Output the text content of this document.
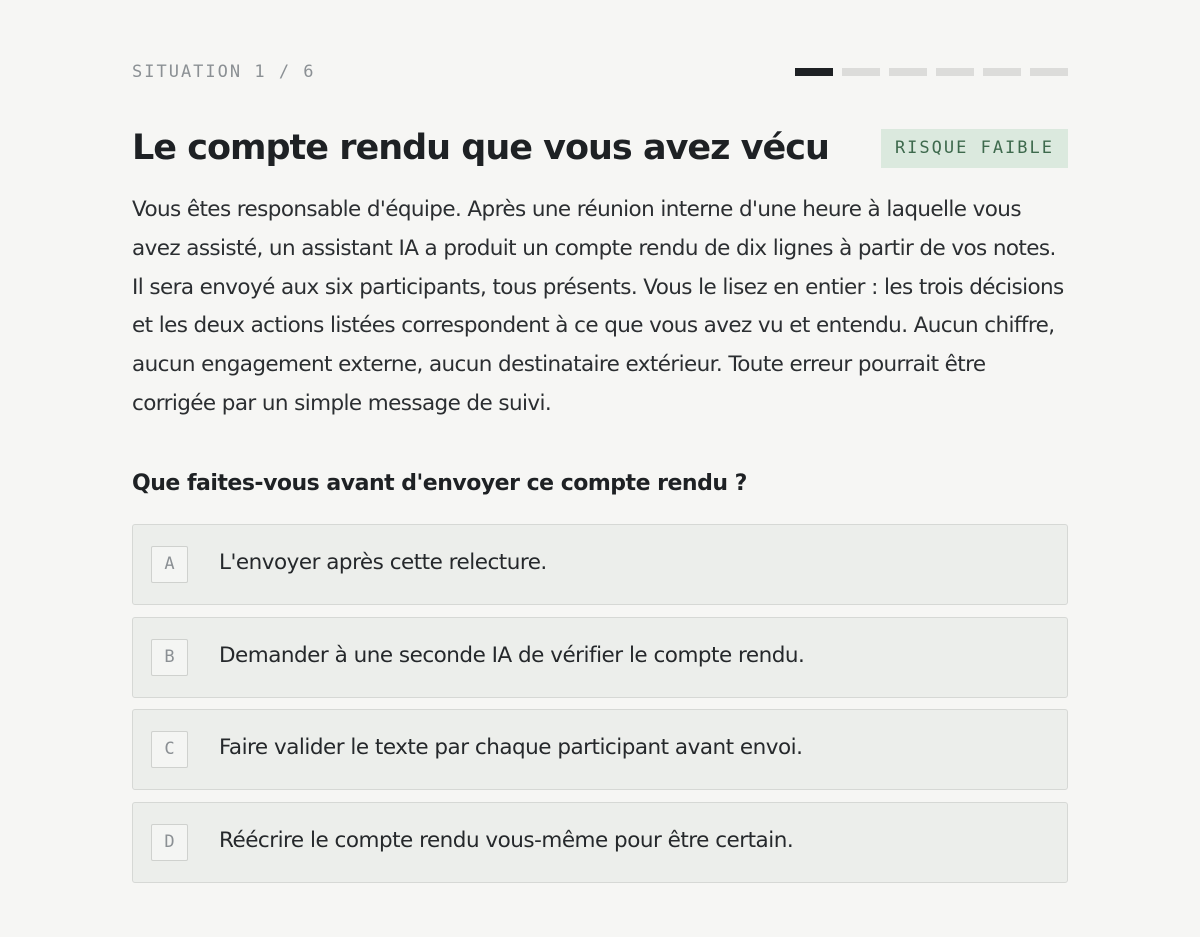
SITUATION 1 / 6
Le compte rendu que vous avez vécu	RISQUE FAIBLE

Vous êtes responsable d'équipe. Après une réunion interne d'une heure à laquelle vous avez assisté, un assistant IA a produit un compte rendu de dix lignes à partir de vos notes. Il sera envoyé aux six participants, tous présents. Vous le lisez en entier : les trois décisions et les deux actions listées correspondent à ce que vous avez vu et entendu. Aucun chiffre, aucun engagement externe, aucun destinataire extérieur. Toute erreur pourrait être corrigée par un simple message de suivi.

Que faites-vous avant d'envoyer ce compte rendu ?
A	L'envoyer après cette relecture.
B	Demander à une seconde IA de vérifier le compte rendu.
C	Faire valider le texte par chaque participant avant envoi.
D	Réécrire le compte rendu vous-même pour être certain.
